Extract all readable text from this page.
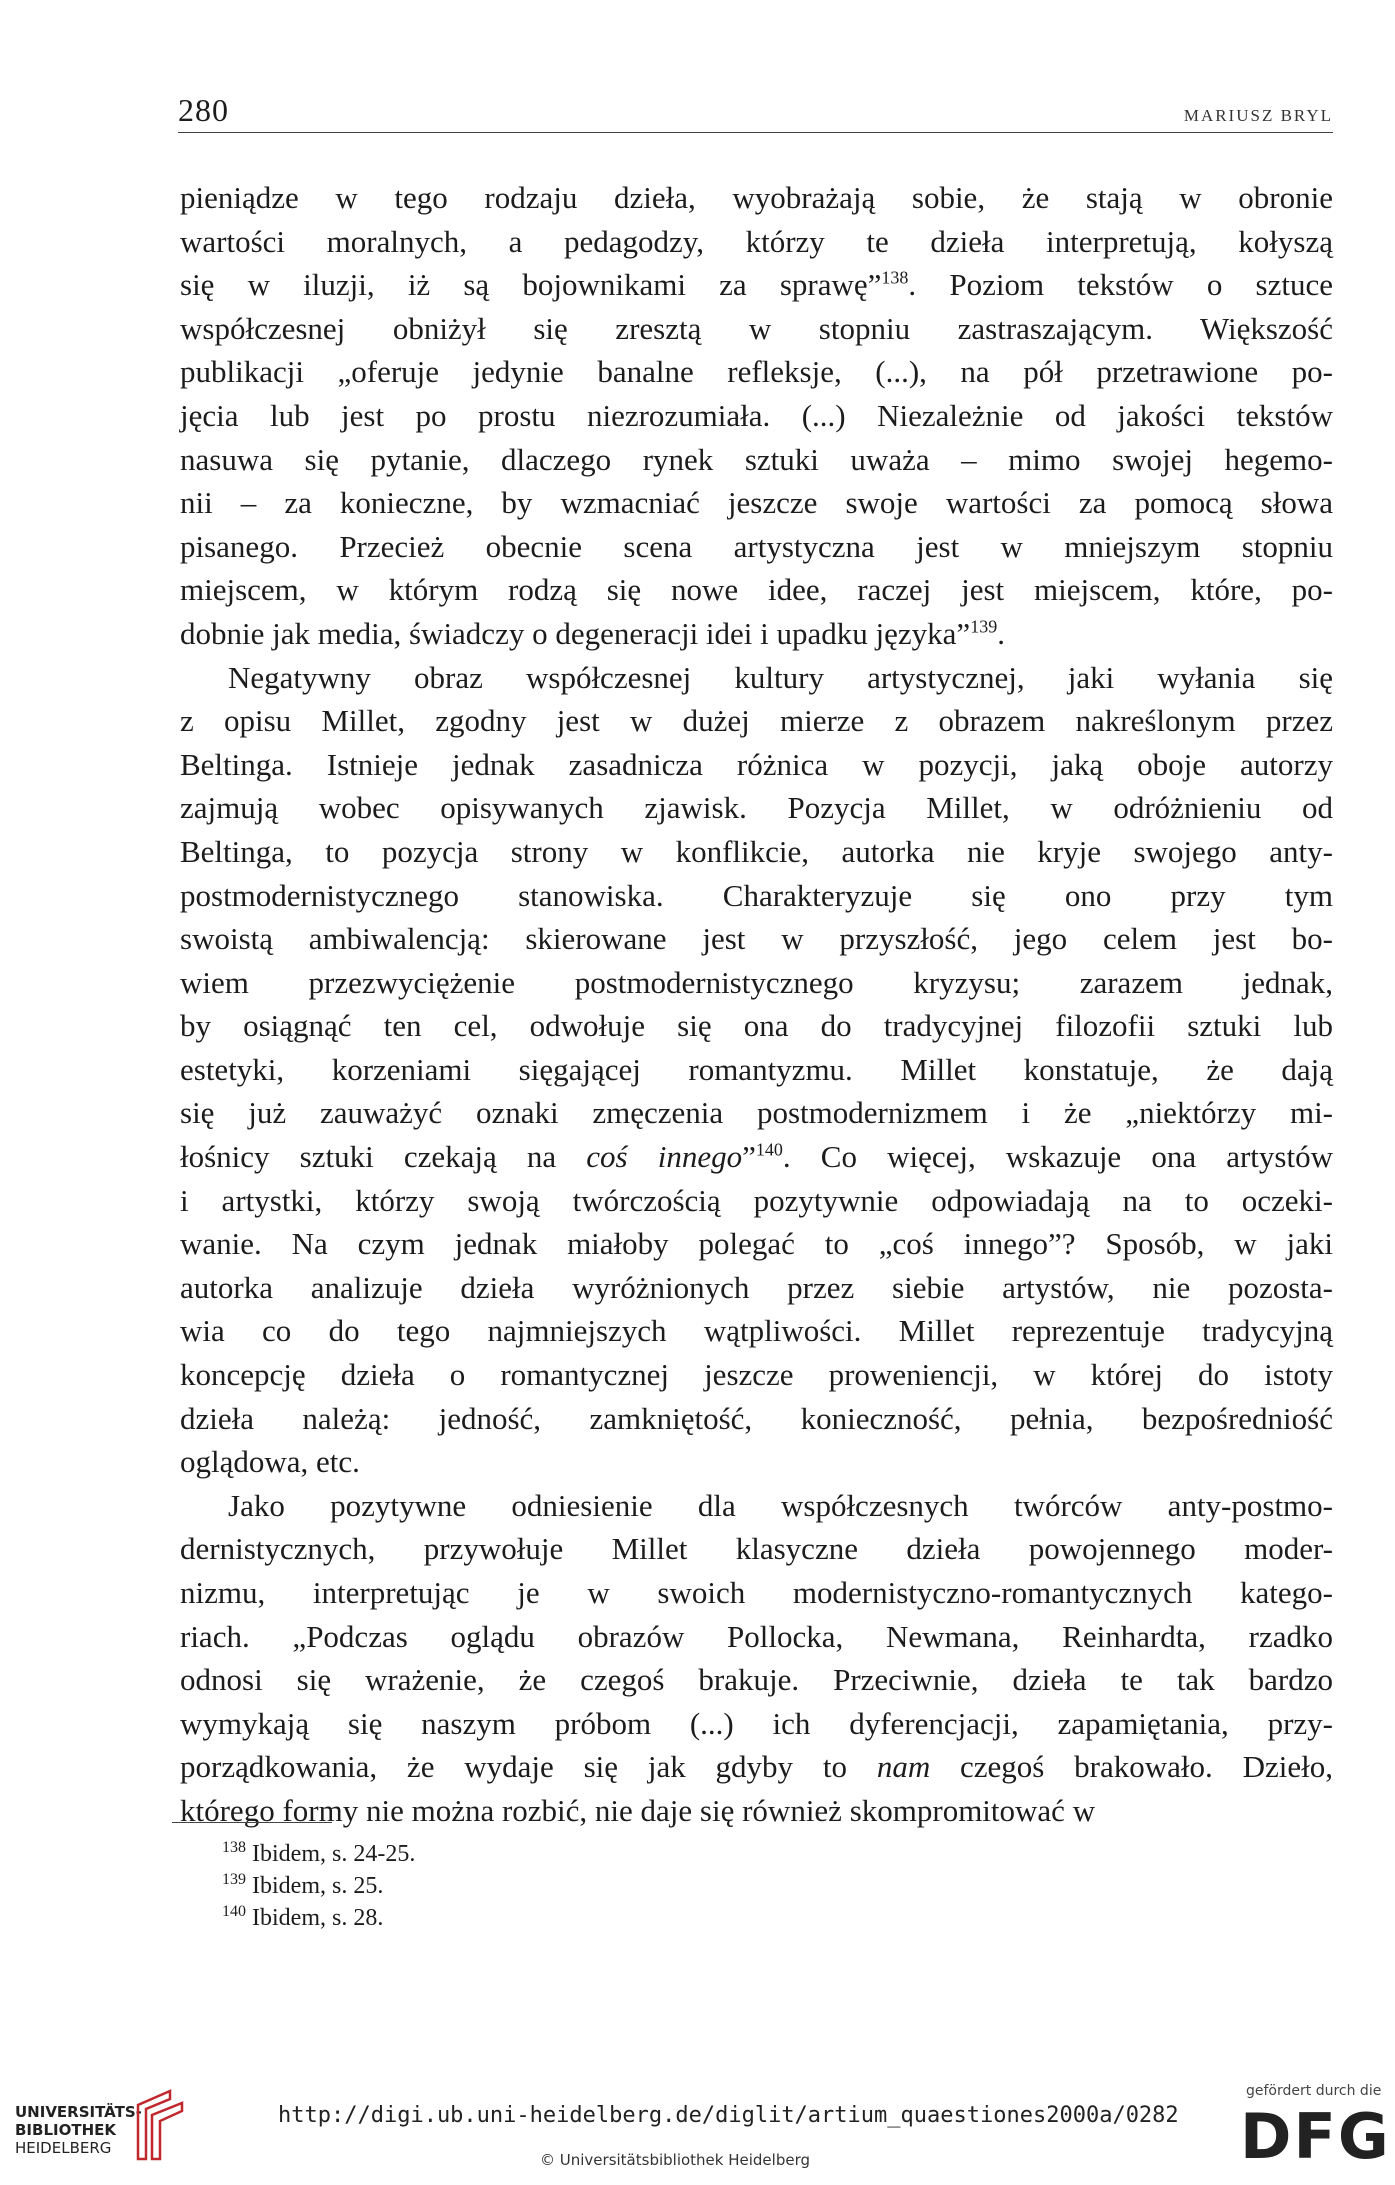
280	MARIUSZ BRYL

pieniądze w tego rodzaju dzieła, wyobrażają sobie, że stają w obronie

wartości moralnych, a pedagodzy, którzy te dzieła interpretują, kołyszą

się w iluzji, iż są bojownikami za sprawę”$^{138}$. Poziom tekstów o sztuce

współczesnej obniżył się zresztą w stopniu zastraszającym. Większość

publikacji „oferuje jedynie banalne refleksje, (...), na pół przetrawione po-

jęcia lub jest po prostu niezrozumiała. (...) Niezależnie od jakości tekstów

nasuwa się pytanie, dlaczego rynek sztuki uważa – mimo swojej hegemo-

nii – za konieczne, by wzmacniać jeszcze swoje wartości za pomocą słowa

pisanego. Przecież obecnie scena artystyczna jest w mniejszym stopniu

miejscem, w którym rodzą się nowe idee, raczej jest miejscem, które, po-

dobnie jak media, świadczy o degeneracji idei i upadku języka”$^{139}$.

Negatywny obraz współczesnej kultury artystycznej, jaki wyłania się

z opisu Millet, zgodny jest w dużej mierze z obrazem nakreślonym przez

Beltinga. Istnieje jednak zasadnicza różnica w pozycji, jaką oboje autorzy

zajmują wobec opisywanych zjawisk. Pozycja Millet, w odróżnieniu od

Beltinga, to pozycja strony w konflikcie, autorka nie kryje swojego anty-

postmodernistycznego stanowiska. Charakteryzuje się ono przy tym

swoistą ambiwalencją: skierowane jest w przyszłość, jego celem jest bo-

wiem przezwyciężenie postmodernistycznego kryzysu; zarazem jednak,

by osiągnąć ten cel, odwołuje się ona do tradycyjnej filozofii sztuki lub

estetyki, korzeniami sięgającej romantyzmu. Millet konstatuje, że dają

się już zauważyć oznaki zmęczenia postmodernizmem i że „niektórzy mi-

łośnicy sztuki czekają na coś innego”$^{140}$. Co więcej, wskazuje ona artystów

i artystki, którzy swoją twórczością pozytywnie odpowiadają na to oczeki-

wanie. Na czym jednak miałoby polegać to „coś innego”? Sposób, w jaki

autorka analizuje dzieła wyróżnionych przez siebie artystów, nie pozosta-

wia co do tego najmniejszych wątpliwości. Millet reprezentuje tradycyjną

koncepcję dzieła o romantycznej jeszcze proweniencji, w której do istoty

dzieła należą: jedność, zamkniętość, konieczność, pełnia, bezpośredniość

oglądowa, etc.

Jako pozytywne odniesienie dla współczesnych twórców anty-postmo-

dernistycznych, przywołuje Millet klasyczne dzieła powojennego moder-

nizmu, interpretując je w swoich modernistyczno-romantycznych katego-

riach. „Podczas oglądu obrazów Pollocka, Newmana, Reinhardta, rzadko

odnosi się wrażenie, że czegoś brakuje. Przeciwnie, dzieła te tak bardzo

wymykają się naszym próbom (...) ich dyferencjacji, zapamiętania, przy-

porządkowania, że wydaje się jak gdyby to nam czegoś brakowało. Dzieło,

którego formy nie można rozbić, nie daje się również skompromitować w

$^{138}$ Ibidem, s. 24-25.
$^{139}$ Ibidem, s. 25.
$^{140}$ Ibidem, s. 28.
UNIVERSITÄTS-
BIBLIOTHEK
HEIDELBERG
http://digi.ub.uni-heidelberg.de/diglit/artium_quaestiones2000a/0282
© Universitätsbibliothek Heidelberg
gefördert durch die
DFG
